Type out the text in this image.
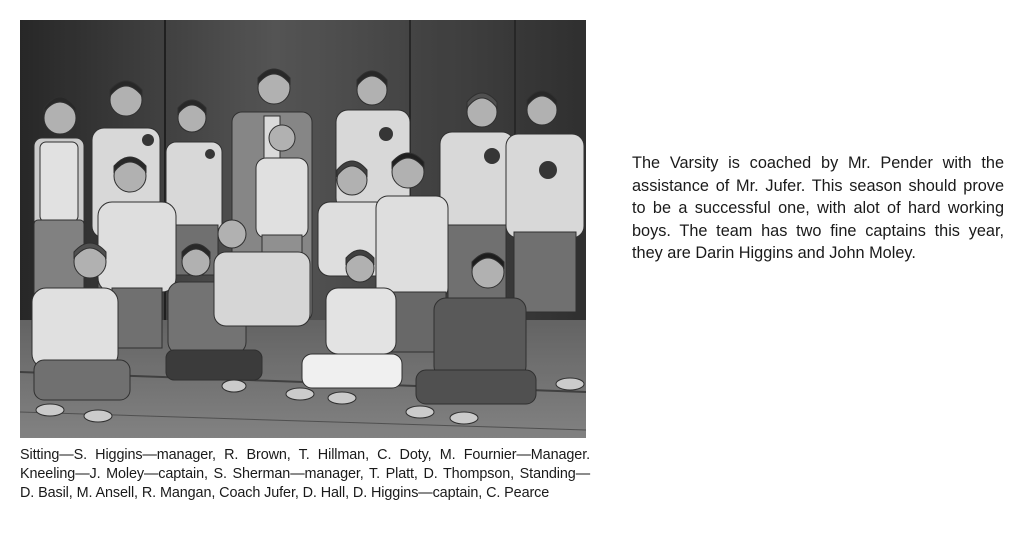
Sitting—S. Higgins—manager, R. Brown, T. Hillman, C. Doty, M. Fournier—Manager. Kneeling—J. Moley—captain, S. Sherman—manager, T. Platt, D. Thompson, Standing—D. Basil, M. Ansell, R. Mangan, Coach Jufer, D. Hall, D. Higgins—captain, C. Pearce

The Varsity is coached by Mr. Pender with the assistance of Mr. Jufer. This season should prove to be a successful one, with alot of hard working boys. The team has two fine captains this year, they are Darin Higgins and John Moley.
